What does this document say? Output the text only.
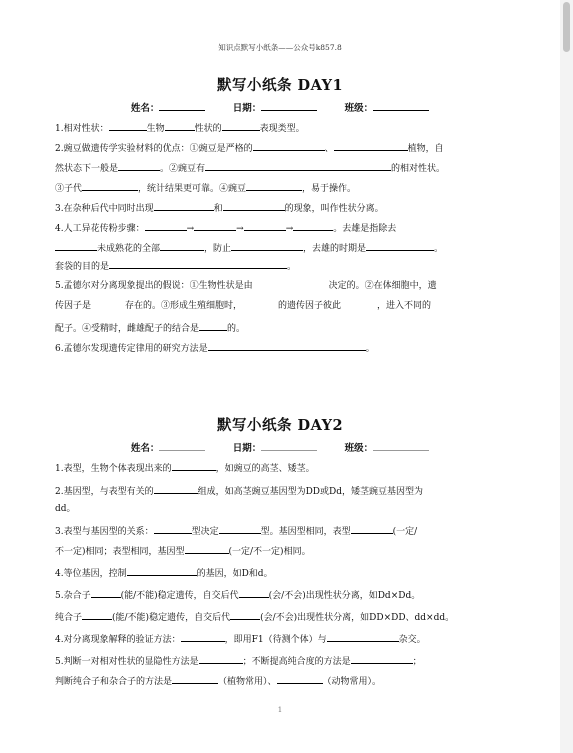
知识点默写小纸条——公众号k857.8
默写小纸条 DAY1
姓名：	日期：	班级：
1.相对性状：	生物	性状的	表现类型。
2.豌豆做遗传学实验材料的优点：①豌豆是严格的	、	植物，自
然状态下一般是	。②豌豆有	的相对性状。
③子代	，统计结果更可靠。④豌豆	，易于操作。
3.在杂种后代中同时出现	和	的现象，叫作性状分离。
4.人工异花传粉步骤：	→	→	→	。去雄是指除去
未成熟花的全部	，防止	，去雄的时期是	。
套袋的目的是	。
5.孟德尔对分离现象提出的假说：①生物性状是由	决定的。②在体细胞中，遗
传因子是	存在的。③形成生殖细胞时，	的遗传因子彼此	，进入不同的
配子。④受精时，雌雄配子的结合是	的。
6.孟德尔发现遗传定律用的研究方法是	。
默写小纸条 DAY2
姓名：	日期：	班级：
1.表型，生物个体表现出来的	，如豌豆的高茎、矮茎。
2.基因型，与表型有关的	组成，如高茎豌豆基因型为DD或Dd，矮茎豌豆基因型为
dd。
3.表型与基因型的关系：	型决定	型。基因型相同，表型	(一定/
不一定)相同；表型相同，基因型	(一定/不一定)相同。
4.等位基因，控制	的基因，如D和d。
5.杂合子	(能/不能)稳定遗传，自交后代	(会/不会)出现性状分离，如Dd×Dd。
纯合子	(能/不能)稳定遗传，自交后代	(会/不会)出现性状分离，如DD×DD、dd×dd。
4.对分离现象解释的验证方法：	，即用F1（待测个体）与	杂交。
5.判断一对相对性状的显隐性方法是	；不断提高纯合度的方法是	；
判断纯合子和杂合子的方法是	（植物常用）、	（动物常用）。
1
